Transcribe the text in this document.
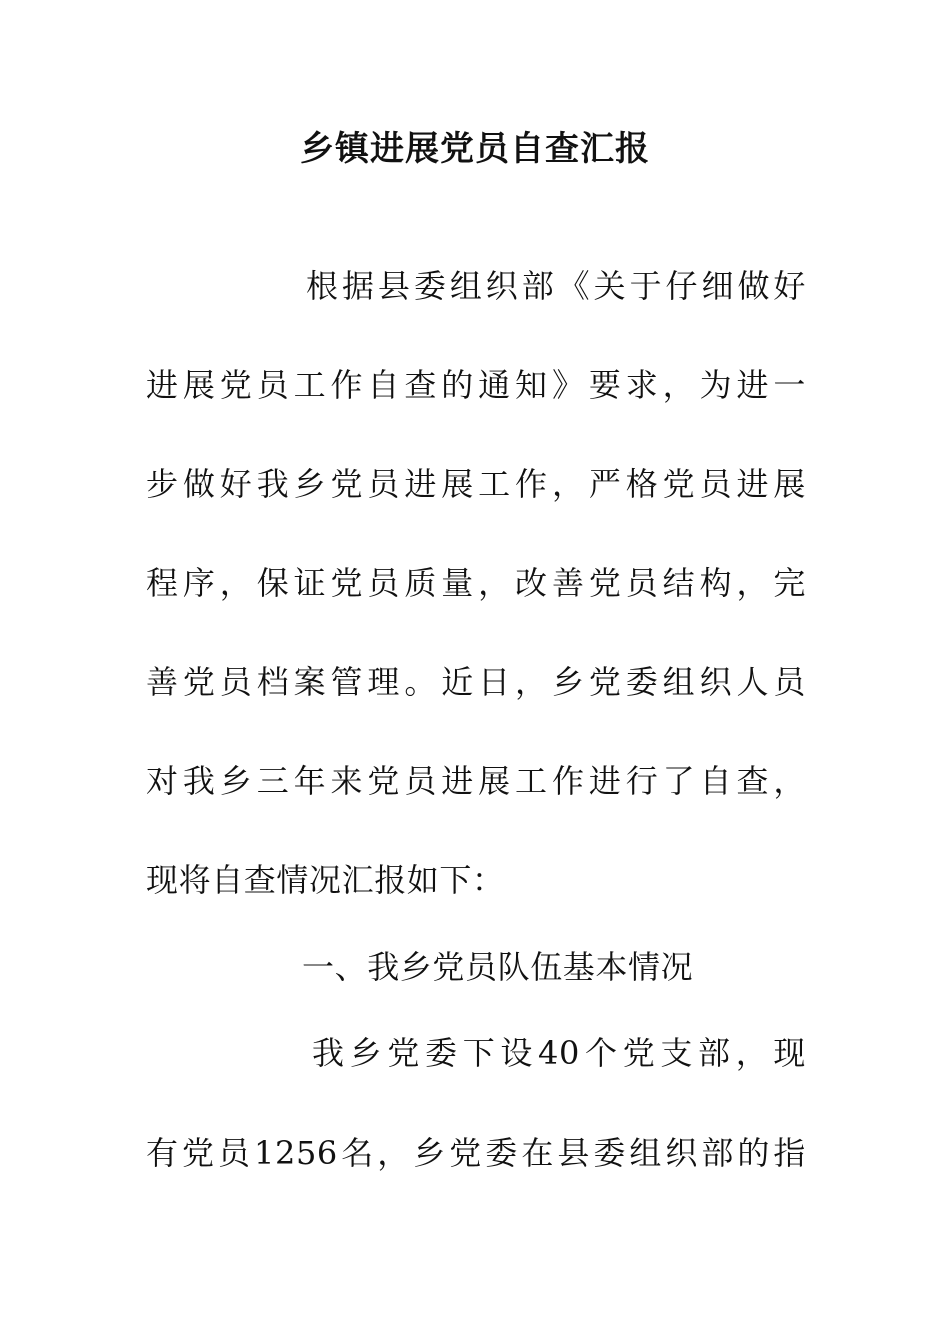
乡镇进展党员自查汇报

根据县委组织部《关于仔细做好

进展党员工作自查的通知》要求，为进一

步做好我乡党员进展工作，严格党员进展

程序，保证党员质量，改善党员结构，完

善党员档案管理。近日，乡党委组织人员

对我乡三年来党员进展工作进行了自查，

现将自查情况汇报如下：

一、我乡党员队伍基本情况

我乡党委下设40个党支部，现

有党员1256名，乡党委在县委组织部的指
